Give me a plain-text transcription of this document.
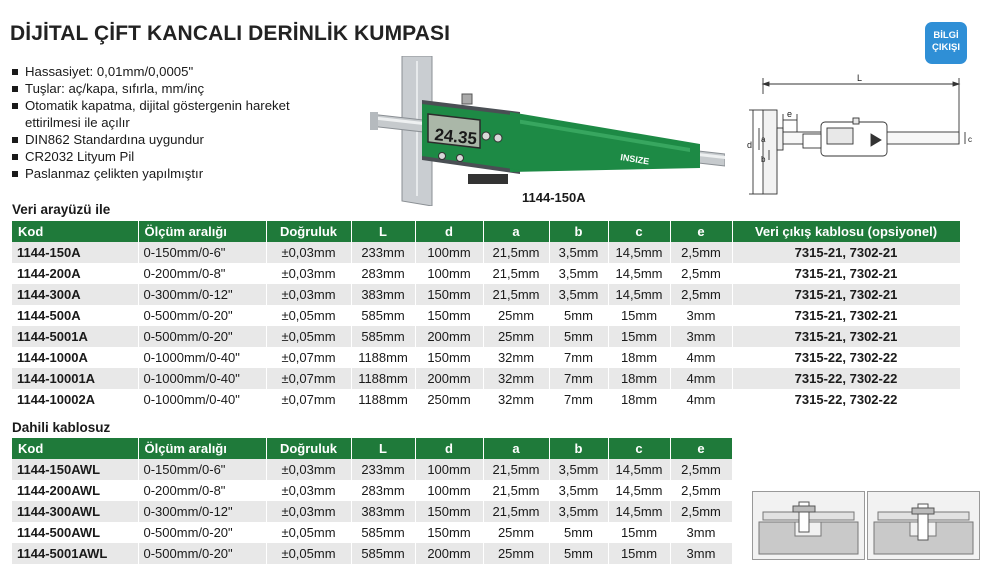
DİJİTAL ÇİFT KANCALI DERİNLİK KUMPASI	BİLGİ
ÇIKIŞI
Hassasiyet: 0,01mm/0,0005"
Tuşlar: aç/kapa, sıfırla, mm/inç
Otomatik kapatma, dijital göstergenin hareket ettirilmesi ile açılır
DIN862 Standardına uygundur
CR2032 Lityum Pil
Paslanmaz çelikten yapılmıştır
24.35
INSIZE
1144-150A
L
e
d
a
b
c
Veri arayüzü ile
Kod	Ölçüm aralığı	Doğruluk	L	d	a	b	c	e	Veri çıkış kablosu (opsiyonel)
1144-150A	0-150mm/0-6"	±0,03mm	233mm	100mm	21,5mm	3,5mm	14,5mm	2,5mm	7315-21, 7302-21
1144-200A	0-200mm/0-8"	±0,03mm	283mm	100mm	21,5mm	3,5mm	14,5mm	2,5mm	7315-21, 7302-21
1144-300A	0-300mm/0-12"	±0,03mm	383mm	150mm	21,5mm	3,5mm	14,5mm	2,5mm	7315-21, 7302-21
1144-500A	0-500mm/0-20"	±0,05mm	585mm	150mm	25mm	5mm	15mm	3mm	7315-21, 7302-21
1144-5001A	0-500mm/0-20"	±0,05mm	585mm	200mm	25mm	5mm	15mm	3mm	7315-21, 7302-21
1144-1000A	0-1000mm/0-40"	±0,07mm	1188mm	150mm	32mm	7mm	18mm	4mm	7315-22, 7302-22
1144-10001A	0-1000mm/0-40"	±0,07mm	1188mm	200mm	32mm	7mm	18mm	4mm	7315-22, 7302-22
1144-10002A	0-1000mm/0-40"	±0,07mm	1188mm	250mm	32mm	7mm	18mm	4mm	7315-22, 7302-22
Dahili kablosuz
Kod	Ölçüm aralığı	Doğruluk	L	d	a	b	c	e
1144-150AWL	0-150mm/0-6"	±0,03mm	233mm	100mm	21,5mm	3,5mm	14,5mm	2,5mm
1144-200AWL	0-200mm/0-8"	±0,03mm	283mm	100mm	21,5mm	3,5mm	14,5mm	2,5mm
1144-300AWL	0-300mm/0-12"	±0,03mm	383mm	150mm	21,5mm	3,5mm	14,5mm	2,5mm
1144-500AWL	0-500mm/0-20"	±0,05mm	585mm	150mm	25mm	5mm	15mm	3mm
1144-5001AWL	0-500mm/0-20"	±0,05mm	585mm	200mm	25mm	5mm	15mm	3mm
